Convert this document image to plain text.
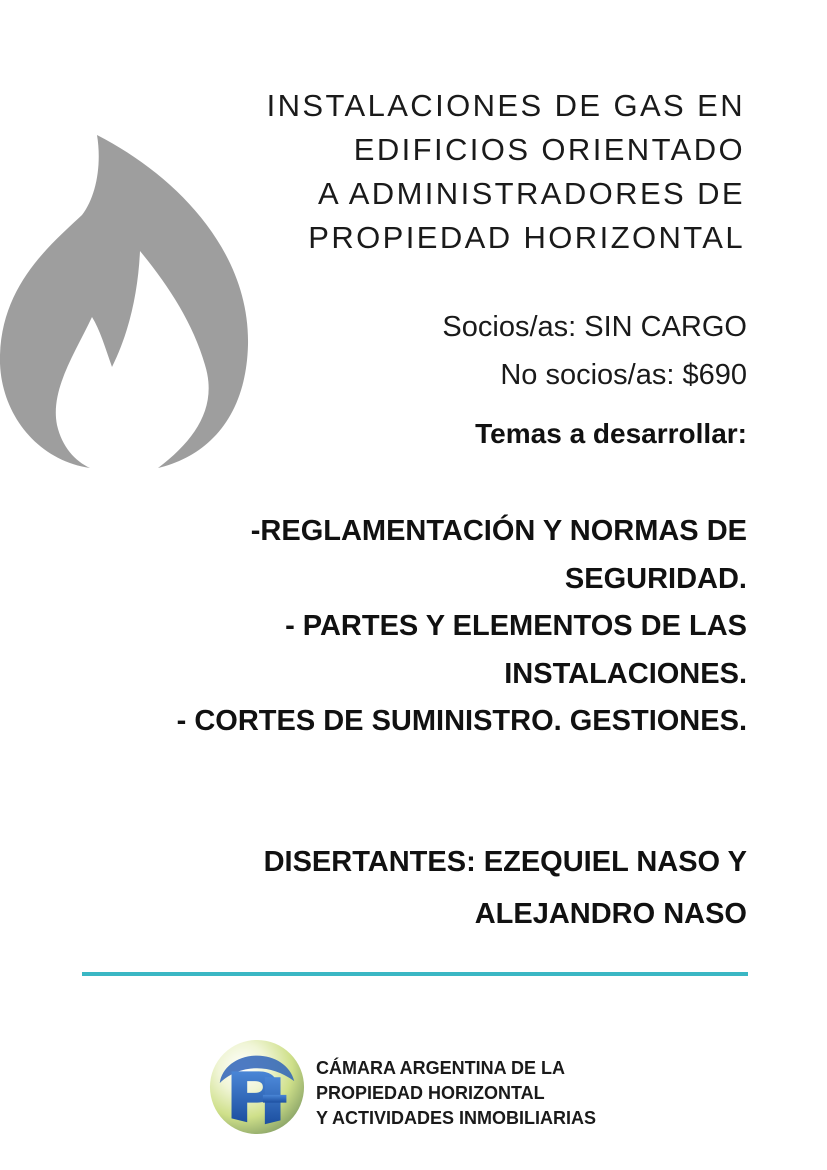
INSTALACIONES DE GAS EN
EDIFICIOS ORIENTADO
A ADMINISTRADORES DE
PROPIEDAD HORIZONTAL
Socios/as: SIN CARGO
No socios/as: $690
Temas a desarrollar:
-REGLAMENTACIÓN Y NORMAS DE
SEGURIDAD.
- PARTES Y ELEMENTOS DE LAS
INSTALACIONES.
- CORTES DE SUMINISTRO. GESTIONES.
DISERTANTES: EZEQUIEL NASO Y
ALEJANDRO NASO
CÁMARA ARGENTINA DE LA
PROPIEDAD HORIZONTAL
Y ACTIVIDADES INMOBILIARIAS
